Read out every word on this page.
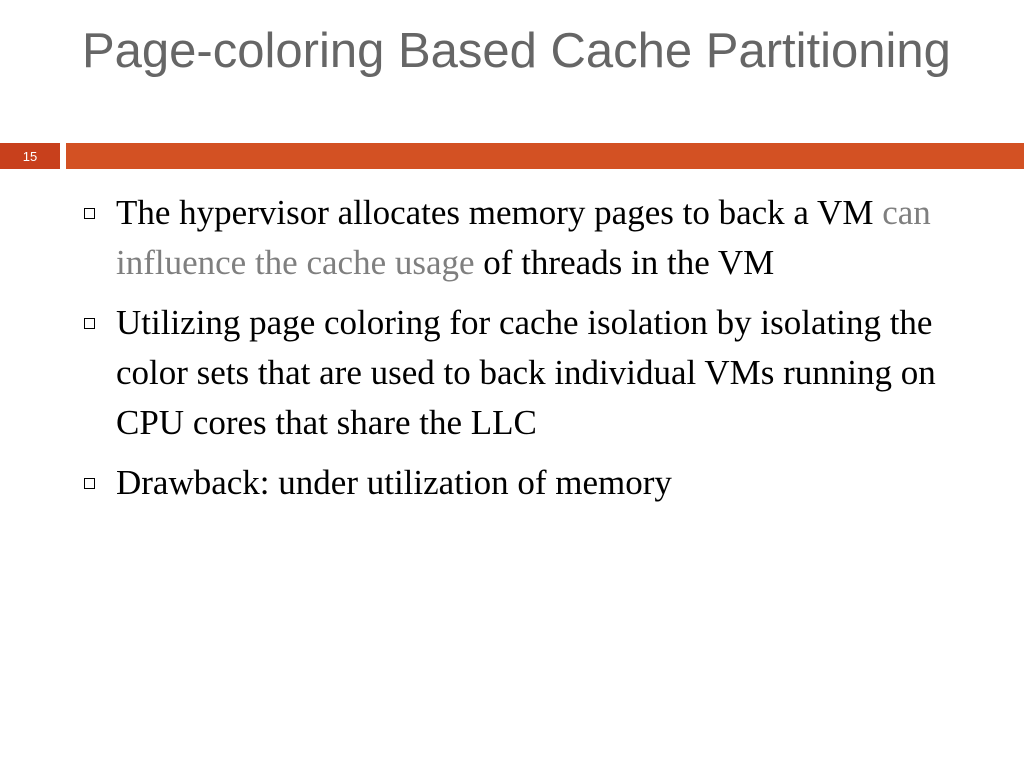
Page-coloring Based Cache Partitioning
15
The hypervisor allocates memory pages to back a VM can influence the cache usage of threads in the VM
Utilizing page coloring for cache isolation by isolating the color sets that are used to back individual VMs running on CPU cores that share the LLC
Drawback: under utilization of memory
